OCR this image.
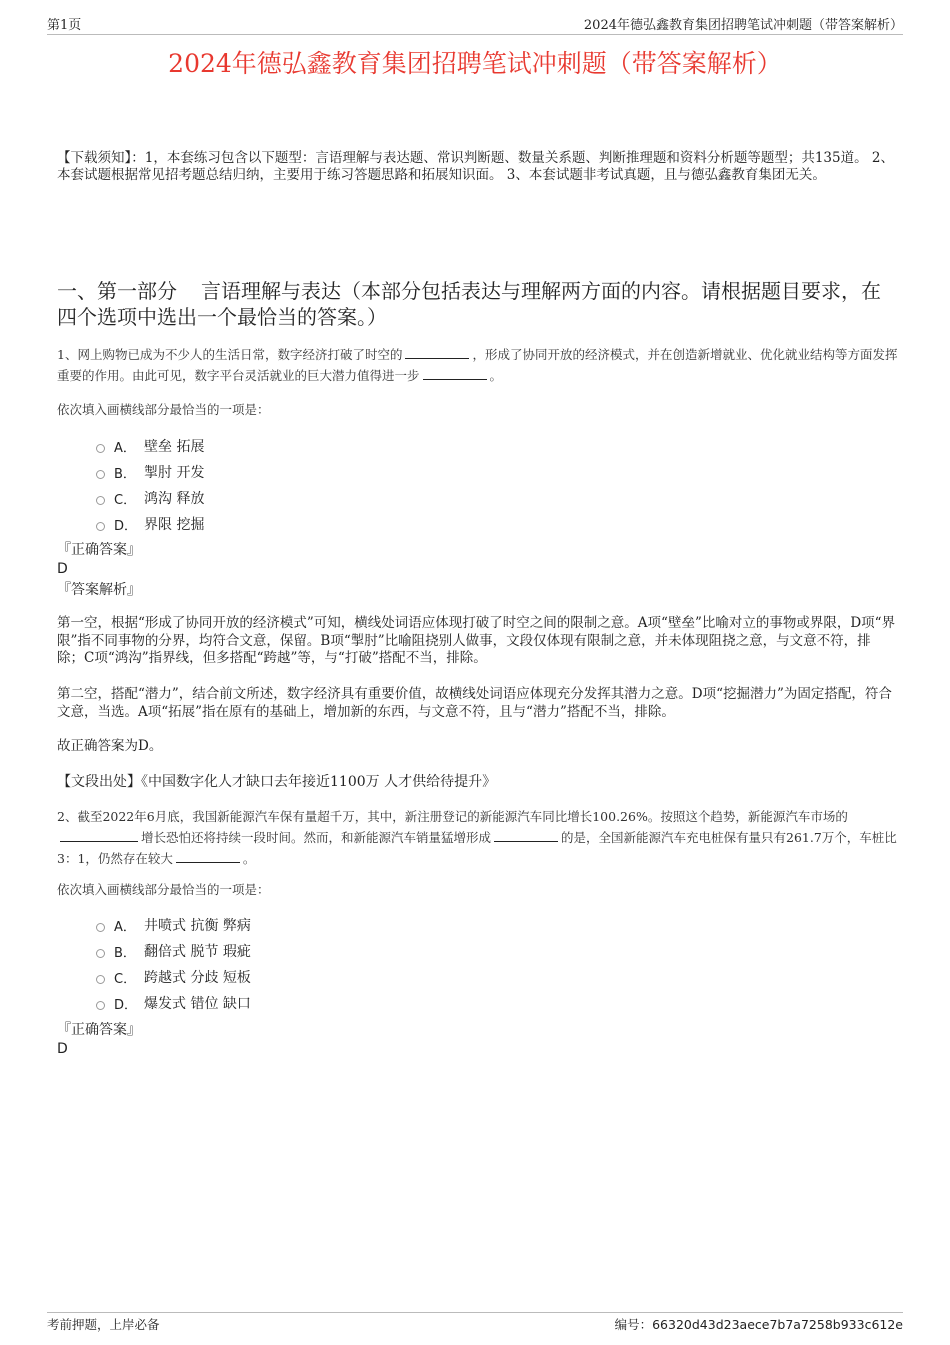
第1页	2024年德弘鑫教育集团招聘笔试冲刺题（带答案解析）
2024年德弘鑫教育集团招聘笔试冲刺题（带答案解析）
【下载须知】：1，本套练习包含以下题型：言语理解与表达题、常识判断题、数量关系题、判断推理题和资料分析题等题型；共135道。 2、本套试题根据常见招考题总结归纳，主要用于练习答题思路和拓展知识面。 3、本套试题非考试真题，且与德弘鑫教育集团无关。
一、第一部分 言语理解与表达（本部分包括表达与理解两方面的内容。请根据题目要求，在四个选项中选出一个最恰当的答案。）
1、网上购物已成为不少人的生活日常，数字经济打破了时空的	，形成了协同开放的经济模式，并在创造新增就业、优化就业结构等方面发挥重要的作用。由此可见，数字平台灵活就业的巨大潜力值得进一步	。
依次填入画横线部分最恰当的一项是：
A． 壁垒 拓展
B． 掣肘 开发
C． 鸿沟 释放
D． 界限 挖掘
『正确答案』
D
『答案解析』
第一空，根据“形成了协同开放的经济模式”可知，横线处词语应体现打破了时空之间的限制之意。A项“壁垒”比喻对立的事物或界限，D项“界限”指不同事物的分界，均符合文意，保留。B项“掣肘”比喻阻挠别人做事，文段仅体现有限制之意，并未体现阻挠之意，与文意不符，排除；C项“鸿沟”指界线，但多搭配“跨越”等，与“打破”搭配不当，排除。
第二空，搭配“潜力”，结合前文所述，数字经济具有重要价值，故横线处词语应体现充分发挥其潜力之意。D项“挖掘潜力”为固定搭配，符合文意，当选。A项“拓展”指在原有的基础上，增加新的东西，与文意不符，且与“潜力”搭配不当，排除。
故正确答案为D。
【文段出处】《中国数字化人才缺口去年接近1100万 人才供给待提升》
2、截至2022年6月底，我国新能源汽车保有量超千万，其中，新注册登记的新能源汽车同比增长100.26%。按照这个趋势，新能源汽车市场的增长恐怕还将持续一段时间。然而，和新能源汽车销量猛增形成	的是，全国新能源汽车充电桩保有量只有261.7万个，车桩比3：1，仍然存在较大	。
依次填入画横线部分最恰当的一项是：
A． 井喷式 抗衡 弊病
B． 翻倍式 脱节 瑕疵
C． 跨越式 分歧 短板
D． 爆发式 错位 缺口
『正确答案』
D
考前押题，上岸必备	编号：66320d43d23aece7b7a7258b933c612e
